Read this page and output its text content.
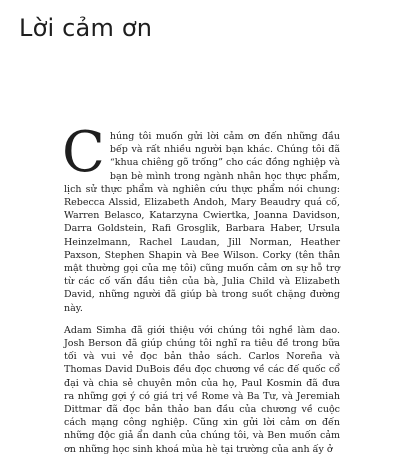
Lời cảm ơn

Chúng tôi muốn gửi lời cảm ơn đến những đầu bếp và rất nhiều người bạn khác. Chúng tôi đã “khua chiêng gõ trống” cho các đồng nghiệp và bạn bè mình trong ngành nhân học thực phẩm, lịch sử thực phẩm và nghiên cứu thực phẩm nói chung: Rebecca Alssid, Elizabeth Andoh, Mary Beaudry quá cố, Warren Belasco, Katarzyna Cwiertka, Joanna Davidson, Darra Goldstein, Rafi Grosglik, Barbara Haber, Ursula Heinzelmann, Rachel Laudan, Jill Norman, Heather Paxson, Stephen Shapin và Bee Wilson. Corky (tên thân mật thường gọi của mẹ tôi) cũng muốn cảm ơn sự hỗ trợ từ các cố vấn đầu tiên của bà, Julia Child và Elizabeth David, những người đã giúp bà trong suốt chặng đường này.

Adam Simha đã giới thiệu với chúng tôi nghề làm dao. Josh Berson đã giúp chúng tôi nghĩ ra tiêu đề trong bữa tối và vui vẻ đọc bản thảo sách. Carlos Noreña và Thomas David DuBois đều đọc chương về các đế quốc cổ đại và chia sẻ chuyên môn của họ, Paul Kosmin đã đưa ra những gợi ý có giá trị về Rome và Ba Tư, và Jeremiah Dittmar đã đọc bản thảo ban đầu của chương về cuộc cách mạng công nghiệp. Cũng xin gửi lời cảm ơn đến những độc giả ẩn danh của chúng tôi, và Ben muốn cảm ơn những học sinh khoá mùa hè tại trường của anh ấy ở
